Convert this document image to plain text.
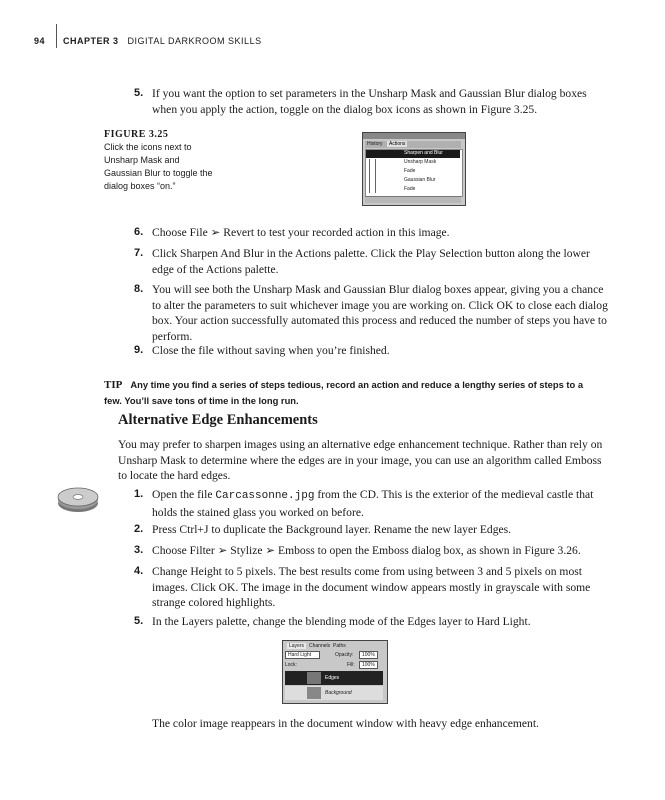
94 CHAPTER 3 DIGITAL DARKROOM SKILLS
5. If you want the option to set parameters in the Unsharp Mask and Gaussian Blur dialog boxes when you apply the action, toggle on the dialog box icons as shown in Figure 3.25.
FIGURE 3.25
Click the icons next to Unsharp Mask and Gaussian Blur to toggle the dialog boxes “on.”
History	Actions
Sharpen and Blur
Unsharp Mask
Fade
Gaussian Blur
Fade
6. Choose File ➢ Revert to test your recorded action in this image.
7. Click Sharpen And Blur in the Actions palette. Click the Play Selection button along the lower edge of the Actions palette.
8. You will see both the Unsharp Mask and Gaussian Blur dialog boxes appear, giving you a chance to alter the parameters to suit whichever image you are working on. Click OK to close each dialog box. Your action successfully automated this process and reduced the number of steps you have to perform.
9. Close the file without saving when you’re finished.
TIP Any time you find a series of steps tedious, record an action and reduce a lengthy series of steps to a few. You’ll save tons of time in the long run.
Alternative Edge Enhancements
You may prefer to sharpen images using an alternative edge enhancement technique. Rather than rely on Unsharp Mask to determine where the edges are in your image, you can use an algorithm called Emboss to locate the hard edges.
1. Open the file Carcassonne.jpg from the CD. This is the exterior of the medieval castle that holds the stained glass you worked on before.
2. Press Ctrl+J to duplicate the Background layer. Rename the new layer Edges.
3. Choose Filter ➢ Stylize ➢ Emboss to open the Emboss dialog box, as shown in Figure 3.26.
4. Change Height to 5 pixels. The best results come from using between 3 and 5 pixels on most images. Click OK. The image in the document window appears mostly in grayscale with some strange colored highlights.
5. In the Layers palette, change the blending mode of the Edges layer to Hard Light.
Layers Channels Paths
Hard Light	Opacity:	100%
Lock:	Fill:	100%
Edges
Background
The color image reappears in the document window with heavy edge enhancement.
